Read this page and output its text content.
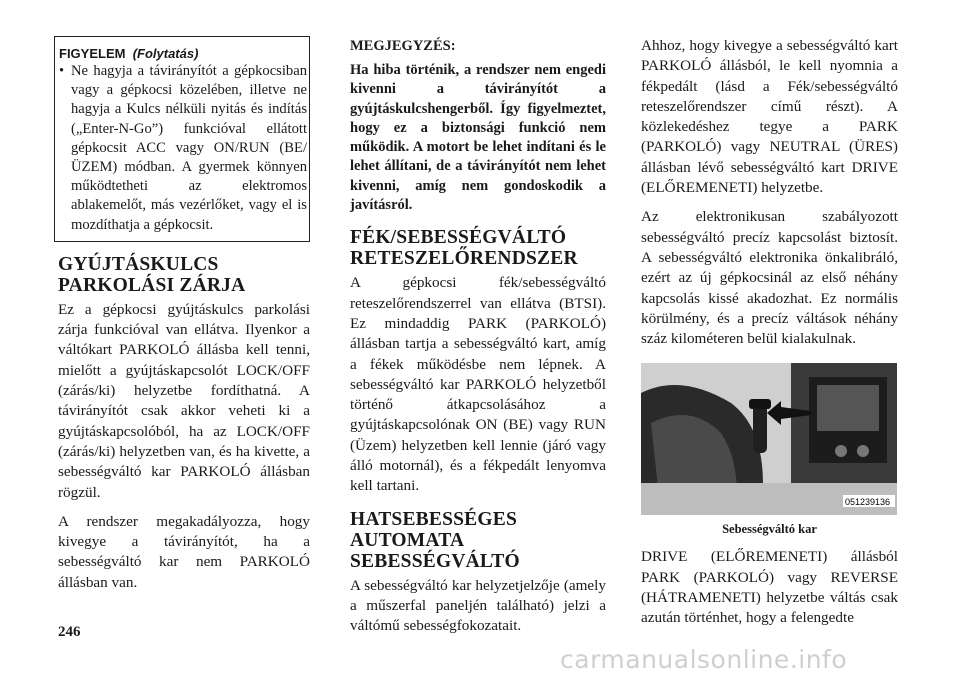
FIGYELEM (Folytatás)
• Ne hagyja a távirányítót a gépkocsiban vagy a gépkocsi közelében, illetve ne hagyja a Kulcs nélküli nyitás és indítás („Enter-N-Go”) funkcióval ellátott gépkocsit ACC vagy ON/RUN (BE/ÜZEM) módban. A gyermek könnyen működtetheti az elektromos ablakemelőt, más vezérlőket, vagy el is mozdíthatja a gépkocsit.
GYÚJTÁSKULCS PARKOLÁSI ZÁRJA

Ez a gépkocsi gyújtáskulcs parkolási zárja funkcióval van ellátva. Ilyenkor a váltókart PARKOLÓ állásba kell tenni, mielőtt a gyújtáskapcsolót LOCK/OFF (zárás/ki) helyzetbe fordíthatná. A távirányítót csak akkor veheti ki a gyújtáskapcsolóból, ha az LOCK/OFF (zárás/ki) helyzetben van, és ha kivette, a sebességváltó kar PARKOLÓ állásban rögzül.

A rendszer megakadályozza, hogy kivegye a távirányítót, ha a sebességváltó kar nem PARKOLÓ állásban van.

MEGJEGYZÉS:

Ha hiba történik, a rendszer nem engedi kivenni a távirányítót a gyújtáskulcshengerből. Így figyelmeztet, hogy ez a biztonsági funkció nem működik. A motort be lehet indítani és le lehet állítani, de a távirányítót nem lehet kivenni, amíg nem gondoskodik a javításról.

FÉK/SEBESSÉGVÁLTÓ RETESZELŐRENDSZER

A gépkocsi fék/sebességváltó reteszelőrendszerrel van ellátva (BTSI). Ez mindaddig PARK (PARKOLÓ) állásban tartja a sebességváltó kart, amíg a fékek működésbe nem lépnek. A sebességváltó kar PARKOLÓ helyzetből történő átkapcsolásához a gyújtáskapcsolónak ON (BE) vagy RUN (Üzem) helyzetben kell lennie (járó vagy álló motornál), és a fékpedált lenyomva kell tartani.

HATSEBESSÉGES AUTOMATA SEBESSÉGVÁLTÓ

A sebességváltó kar helyzetjelzője (amely a műszerfal paneljén található) jelzi a váltómű sebességfokozatait.

Ahhoz, hogy kivegye a sebességváltó kart PARKOLÓ állásból, le kell nyomnia a fékpedált (lásd a Fék/sebességváltó reteszelőrendszer című részt). A közlekedéshez tegye a PARK (PARKOLÓ) vagy NEUTRAL (ÜRES) állásban lévő sebességváltó kart DRIVE (ELŐREMENETI) helyzetbe.

Az elektronikusan szabályozott sebességváltó precíz kapcsolást biztosít. A sebességváltó elektronika önkalibráló, ezért az új gépkocsinál az első néhány kapcsolás kissé akadozhat. Ez normális körülmény, és a precíz váltások néhány száz kilométeren belül kialakulnak.

051239136
Sebességváltó kar

DRIVE (ELŐREMENETI) állásból PARK (PARKOLÓ) vagy REVERSE (HÁTRAMENETI) helyzetbe váltás csak azután történhet, hogy a felengedte

246
carmanualsonline.info
